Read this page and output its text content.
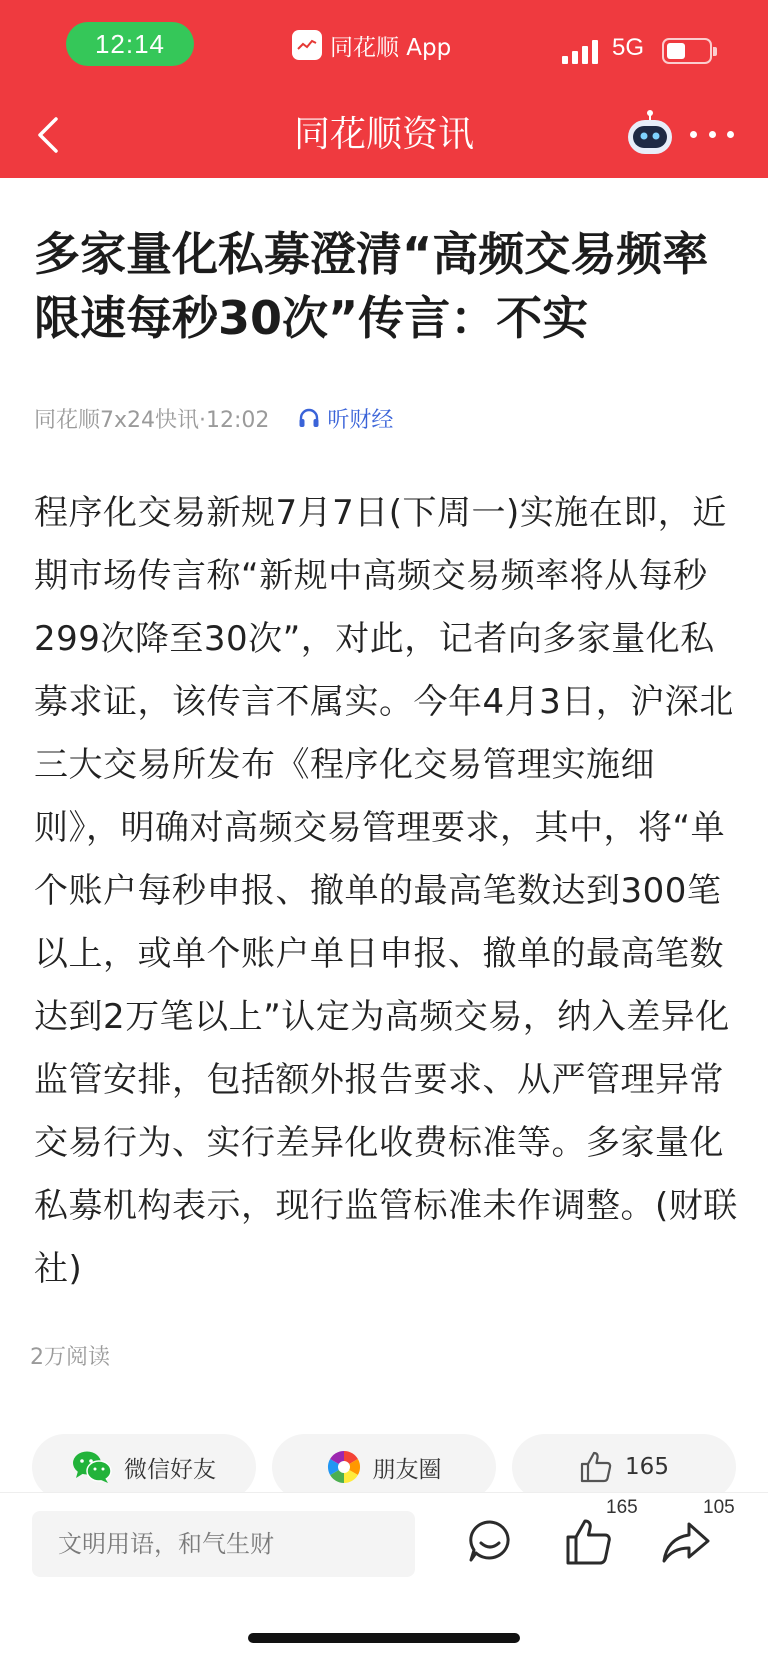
12:14	同花顺 App	5G
同花顺资讯
多家量化私募澄清“高频交易频率限速每秒30次”传言：不实
同花顺7x24快讯·12:02	听财经

程序化交易新规7月7日(下周一)实施在即，近期市场传言称“新规中高频交易频率将从每秒299次降至30次”，对此，记者向多家量化私募求证，该传言不属实。今年4月3日，沪深北三大交易所发布《程序化交易管理实施细则》，明确对高频交易管理要求，其中，将“单个账户每秒申报、撤单的最高笔数达到300笔以上，或单个账户单日申报、撤单的最高笔数达到2万笔以上”认定为高频交易，纳入差异化监管安排，包括额外报告要求、从严管理异常交易行为、实行差异化收费标准等。多家量化私募机构表示，现行监管标准未作调整。(财联社)

2万阅读
微信好友	朋友圈	165
文明用语，和气生财
165	105
